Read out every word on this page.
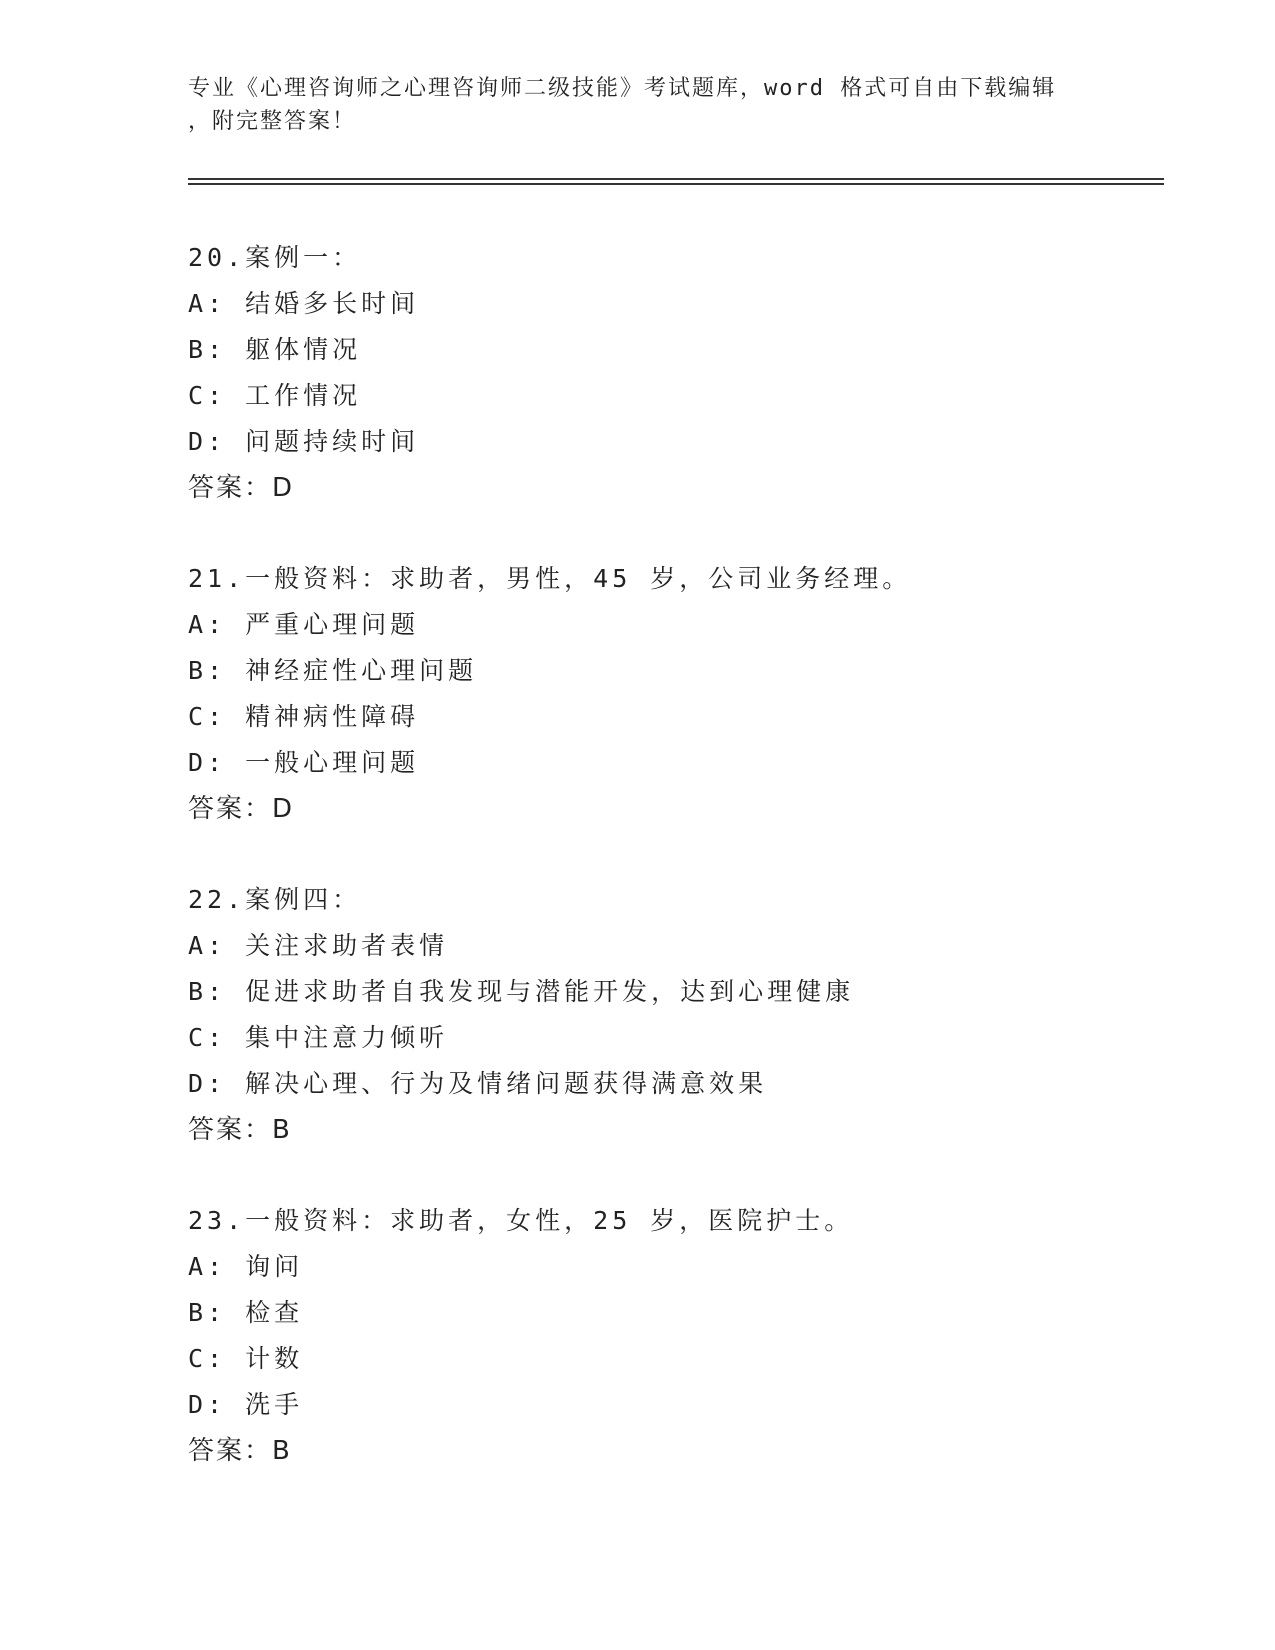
专业《心理咨询师之心理咨询师二级技能》考试题库，word 格式可自由下载编辑
，附完整答案！
20.案例一：
A: 结婚多长时间
B: 躯体情况
C: 工作情况
D: 问题持续时间
答案：D
21.一般资料：求助者，男性，45 岁，公司业务经理。
A: 严重心理问题
B: 神经症性心理问题
C: 精神病性障碍
D: 一般心理问题
答案：D
22.案例四：
A: 关注求助者表情
B: 促进求助者自我发现与潜能开发，达到心理健康
C: 集中注意力倾听
D: 解决心理、行为及情绪问题获得满意效果
答案：B
23.一般资料：求助者，女性，25 岁，医院护士。
A: 询问
B: 检查
C: 计数
D: 洗手
答案：B
